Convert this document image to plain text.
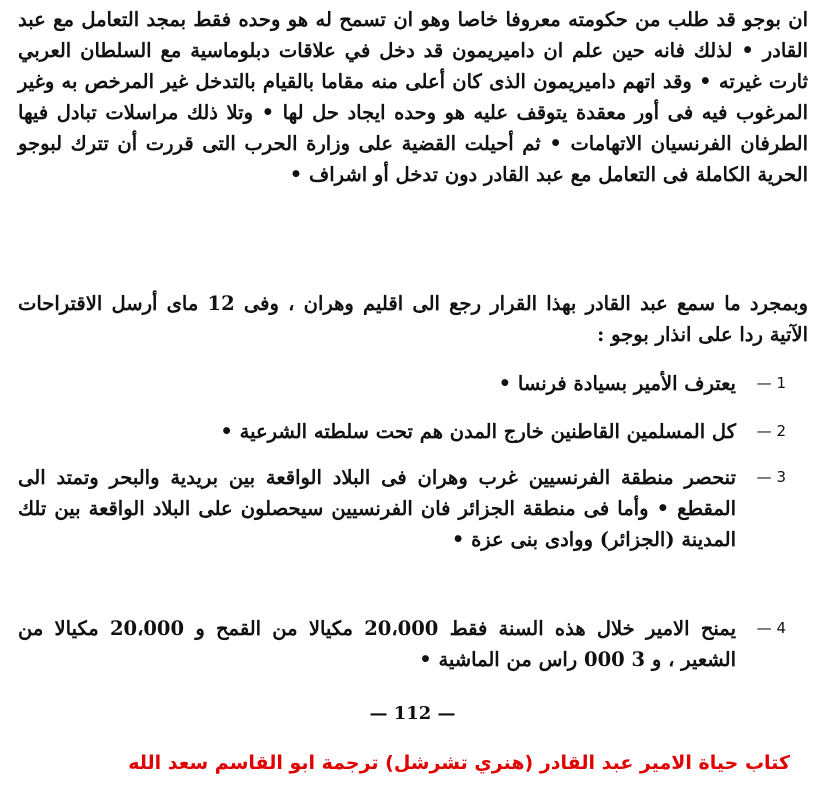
ان بوجو قد طلب من حكومته معروفا خاصا وهو ان تسمح له هو وحده فقط بمجد التعامل مع عبد القادر • لذلك فانه حين علم ان داميريمون قد دخل في علاقات دبلوماسية مع السلطان العربي ثارت غيرته • وقد اتهم داميريمون الذى كان أعلى منه مقاما بالقيام بالتدخل غير المرخص به وغير المرغوب فيه فى أور معقدة يتوقف عليه هو وحده ايجاد حل لها • وتلا ذلك مراسلات تبادل فيها الطرفان الفرنسيان الاتهامات • ثم أحيلت القضية على وزارة الحرب التى قررت أن تترك لبوجو الحرية الكاملة فى التعامل مع عبد القادر دون تدخل أو اشراف •

وبمجرد ما سمع عبد القادر بهذا القرار رجع الى اقليم وهران ، وفى 12 ماى أرسل الاقتراحات الآتية ردا على انذار بوجو :

1 —
يعترف الأمير بسيادة فرنسا •
2 —
كل المسلمين القاطنين خارج المدن هم تحت سلطته الشرعية •
3 —
تنحصر منطقة الفرنسيين غرب وهران فى البلاد الواقعة بين بريدية والبحر وتمتد الى المقطع • وأما فى منطقة الجزائر فان الفرنسيين سيحصلون على البلاد الواقعة بين تلك المدينة (الجزائر) ووادى بنى عزة •
4 —
يمنح الامير خلال هذه السنة فقط 20،000 مكيالا من القمح و 20،000 مكيالا من الشعير ، و 3 000 راس من الماشية •
— 112 —
كتاب حياة الامير عبد القادر (هنري تشرشل) ترجمة ابو القاسم سعد الله
